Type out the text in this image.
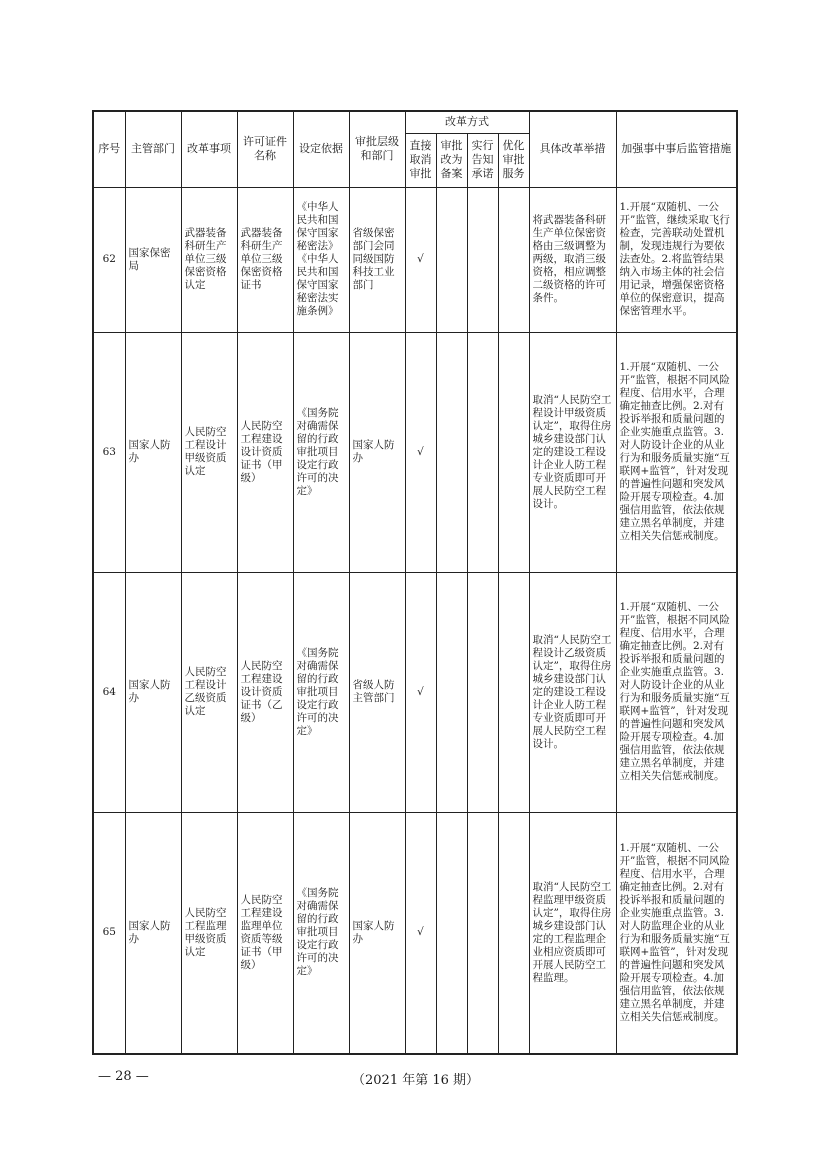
序号	主管部门	改革事项	许可证件名称	设定依据	审批层级和部门	改革方式				具体改革举措	加强事中事后监管措施
						直接取消审批	审批改为备案	实行告知承诺	优化审批服务		
62	国家保密局	武器装备科研生产单位三级保密资格认定	武器装备科研生产单位三级保密资格证书	《中华人民共和国保守国家秘密法》《中华人民共和国保守国家秘密法实施条例》	省级保密部门会同同级国防科技工业部门	√				将武器装备科研生产单位保密资格由三级调整为两级，取消三级资格，相应调整二级资格的许可条件。	1.开展“双随机、一公开”监管，继续采取飞行检查，完善联动处置机制，发现违规行为要依法查处。2.将监管结果纳入市场主体的社会信用记录，增强保密资格单位的保密意识，提高保密管理水平。
63	国家人防办	人民防空工程设计甲级资质认定	人民防空工程建设设计资质证书（甲级）	《国务院对确需保留的行政审批项目设定行政许可的决定》	国家人防办	√				取消“人民防空工程设计甲级资质认定”，取得住房城乡建设部门认定的建设工程设计企业人防工程专业资质即可开展人民防空工程设计。	1.开展“双随机、一公开”监管，根据不同风险程度、信用水平，合理确定抽查比例。2.对有投诉举报和质量问题的企业实施重点监管。3.对人防设计企业的从业行为和服务质量实施“互联网+监管”，针对发现的普遍性问题和突发风险开展专项检查。4.加强信用监管，依法依规建立黑名单制度，并建立相关失信惩戒制度。
64	国家人防办	人民防空工程设计乙级资质认定	人民防空工程建设设计资质证书（乙级）	《国务院对确需保留的行政审批项目设定行政许可的决定》	省级人防主管部门	√				取消“人民防空工程设计乙级资质认定”，取得住房城乡建设部门认定的建设工程设计企业人防工程专业资质即可开展人民防空工程设计。	1.开展“双随机、一公开”监管，根据不同风险程度、信用水平，合理确定抽查比例。2.对有投诉举报和质量问题的企业实施重点监管。3.对人防设计企业的从业行为和服务质量实施“互联网+监管”，针对发现的普遍性问题和突发风险开展专项检查。4.加强信用监管，依法依规建立黑名单制度，并建立相关失信惩戒制度。
65	国家人防办	人民防空工程监理甲级资质认定	人民防空工程建设监理单位资质等级证书（甲级）	《国务院对确需保留的行政审批项目设定行政许可的决定》	国家人防办	√				取消“人民防空工程监理甲级资质认定”，取得住房城乡建设部门认定的工程监理企业相应资质即可开展人民防空工程监理。	1.开展“双随机、一公开”监管，根据不同风险程度、信用水平，合理确定抽查比例。2.对有投诉举报和质量问题的企业实施重点监管。3.对人防监理企业的从业行为和服务质量实施“互联网+监管”，针对发现的普遍性问题和突发风险开展专项检查。4.加强信用监管，依法依规建立黑名单制度，并建立相关失信惩戒制度。
— 28 —	（2021 年第 16 期）
